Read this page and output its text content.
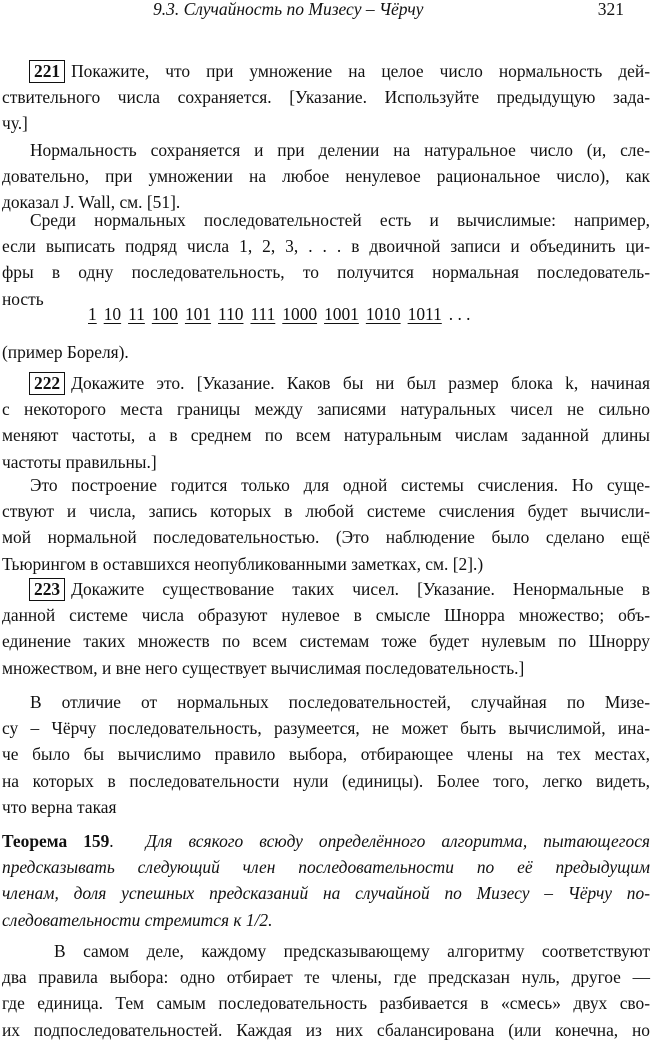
9.3. Случайность по Мизесу – Чёрчу	321
221 Покажите, что при умножение на целое число нормальность дей-
ствительного числа сохраняется. [Указание. Используйте предыдущую зада-
чу.]
Нормальность сохраняется и при делении на натуральное число (и, сле-
довательно, при умножении на любое ненулевое рациональное число), как
доказал J. Wall, см. [51].
Среди нормальных последовательностей есть и вычислимые: например,
если выписать подряд числа 1, 2, 3, . . . в двоичной записи и объединить ци-
фры в одну последовательность, то получится нормальная последователь-
ность
1 10 11 100 101 110 111 1000 1001 1010 1011 . . .
(пример Бореля).
222 Докажите это. [Указание. Каков бы ни был размер блока k, начиная
с некоторого места границы между записями натуральных чисел не сильно
меняют частоты, а в среднем по всем натуральным числам заданной длины
частоты правильны.]
Это построение годится только для одной системы счисления. Но суще-
ствуют и числа, запись которых в любой системе счисления будет вычисли-
мой нормальной последовательностью. (Это наблюдение было сделано ещё
Тьюрингом в оставшихся неопубликованными заметках, см. [2].)
223 Докажите существование таких чисел. [Указание. Ненормальные в
данной системе числа образуют нулевое в смысле Шнорра множество; объ-
единение таких множеств по всем системам тоже будет нулевым по Шнорру
множеством, и вне него существует вычислимая последовательность.]
В отличие от нормальных последовательностей, случайная по Мизе-
су – Чёрчу последовательность, разумеется, не может быть вычислимой, ина-
че было бы вычислимо правило выбора, отбирающее члены на тех местах,
на которых в последовательности нули (единицы). Более того, легко видеть,
что верна такая
Теорема 159.  Для всякого всюду определённого алгоритма, пытающегося
предсказывать следующий член последовательности по её предыдущим
членам, доля успешных предсказаний на случайной по Мизесу – Чёрчу по-
следовательности стремится к 1/2.
В самом деле, каждому предсказывающему алгоритму соответствуют
два правила выбора: одно отбирает те члены, где предсказан нуль, другое —
где единица. Тем самым последовательность разбивается в «смесь» двух сво-
их подпоследовательностей. Каждая из них сбалансирована (или конечна, но
